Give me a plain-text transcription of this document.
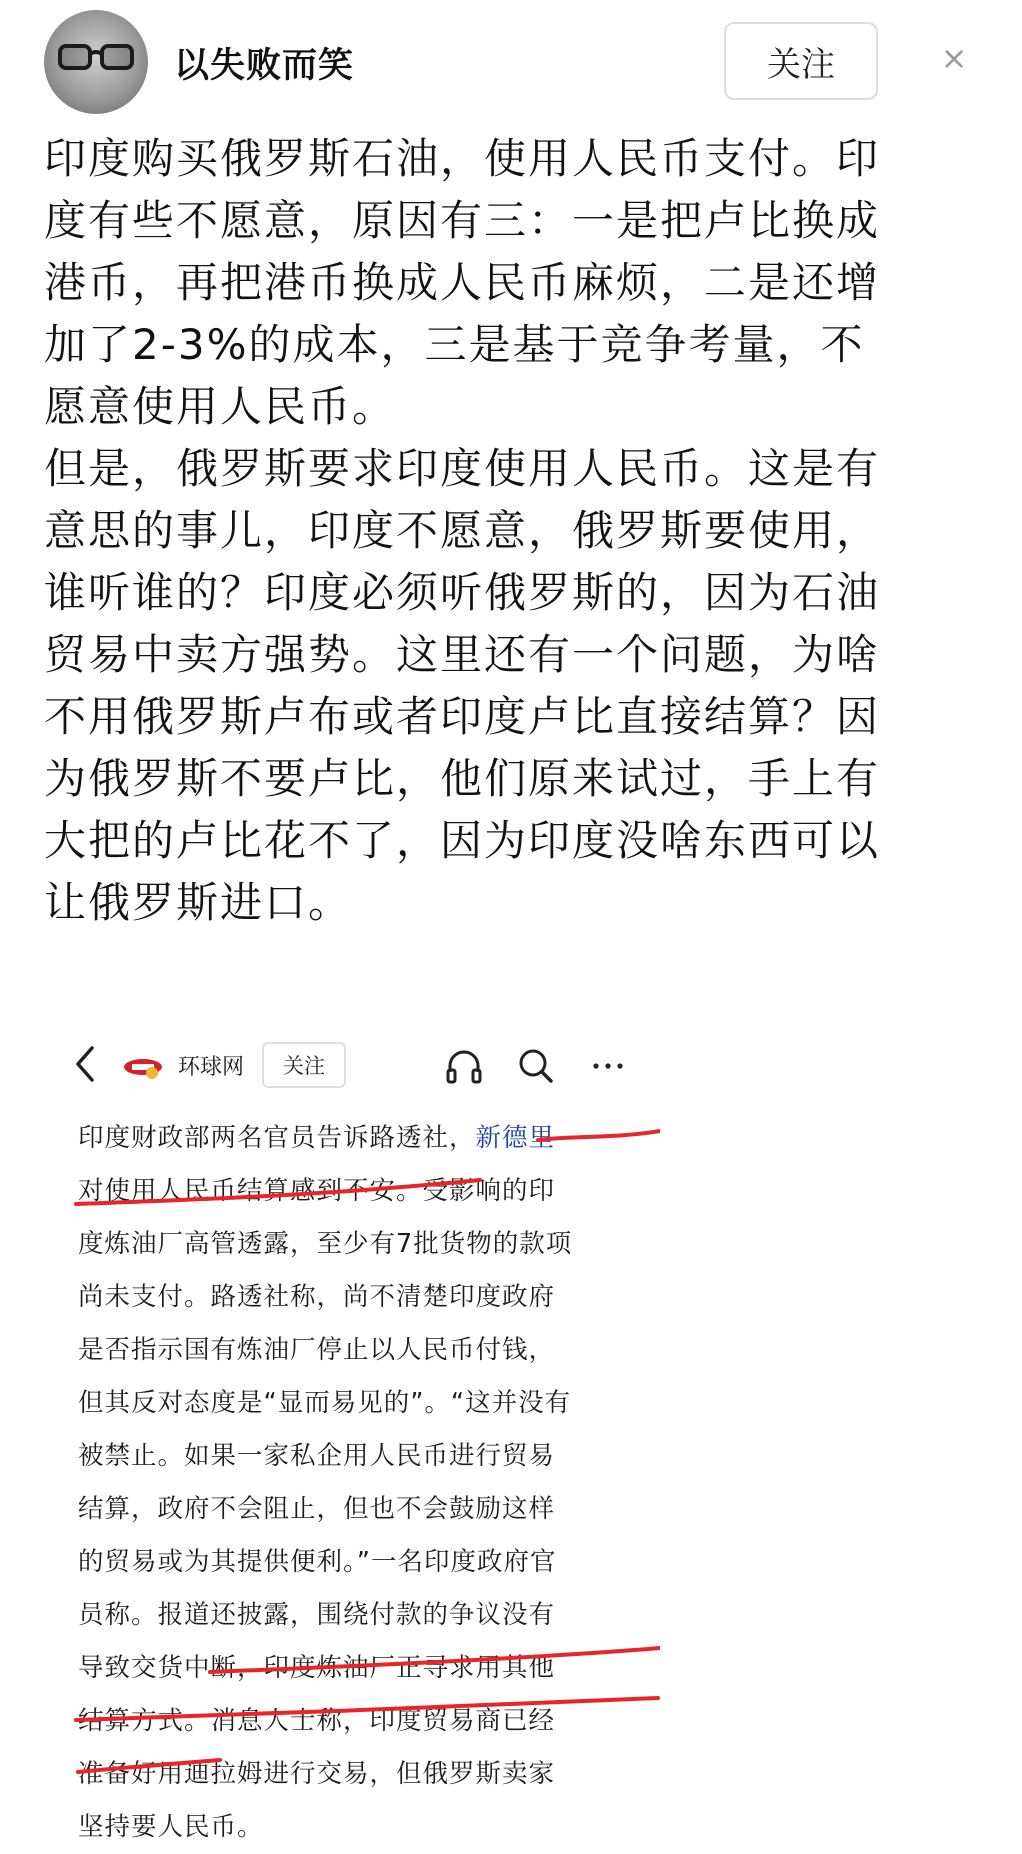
以失败而笑	关注	×

印度购买俄罗斯石油，使用人民币支付。印
度有些不愿意，原因有三：一是把卢比换成
港币，再把港币换成人民币麻烦，二是还增
加了2-3%的成本，三是基于竞争考量，不
愿意使用人民币。
但是，俄罗斯要求印度使用人民币。这是有
意思的事儿，印度不愿意，俄罗斯要使用，
谁听谁的？印度必须听俄罗斯的，因为石油
贸易中卖方强势。这里还有一个问题，为啥
不用俄罗斯卢布或者印度卢比直接结算？因
为俄罗斯不要卢比，他们原来试过，手上有
大把的卢比花不了，因为印度没啥东西可以
让俄罗斯进口。

环球网	关注
印度财政部两名官员告诉路透社，新德里
对使用人民币结算感到不安。受影响的印
度炼油厂高管透露，至少有7批货物的款项
尚未支付。路透社称，尚不清楚印度政府
是否指示国有炼油厂停止以人民币付钱，
但其反对态度是“显而易见的”。“这并没有
被禁止。如果一家私企用人民币进行贸易
结算，政府不会阻止，但也不会鼓励这样
的贸易或为其提供便利。”一名印度政府官
员称。报道还披露，围绕付款的争议没有
导致交货中断，印度炼油厂正寻求用其他
结算方式。消息人士称，印度贸易商已经
准备好用迪拉姆进行交易，但俄罗斯卖家
坚持要人民币。
